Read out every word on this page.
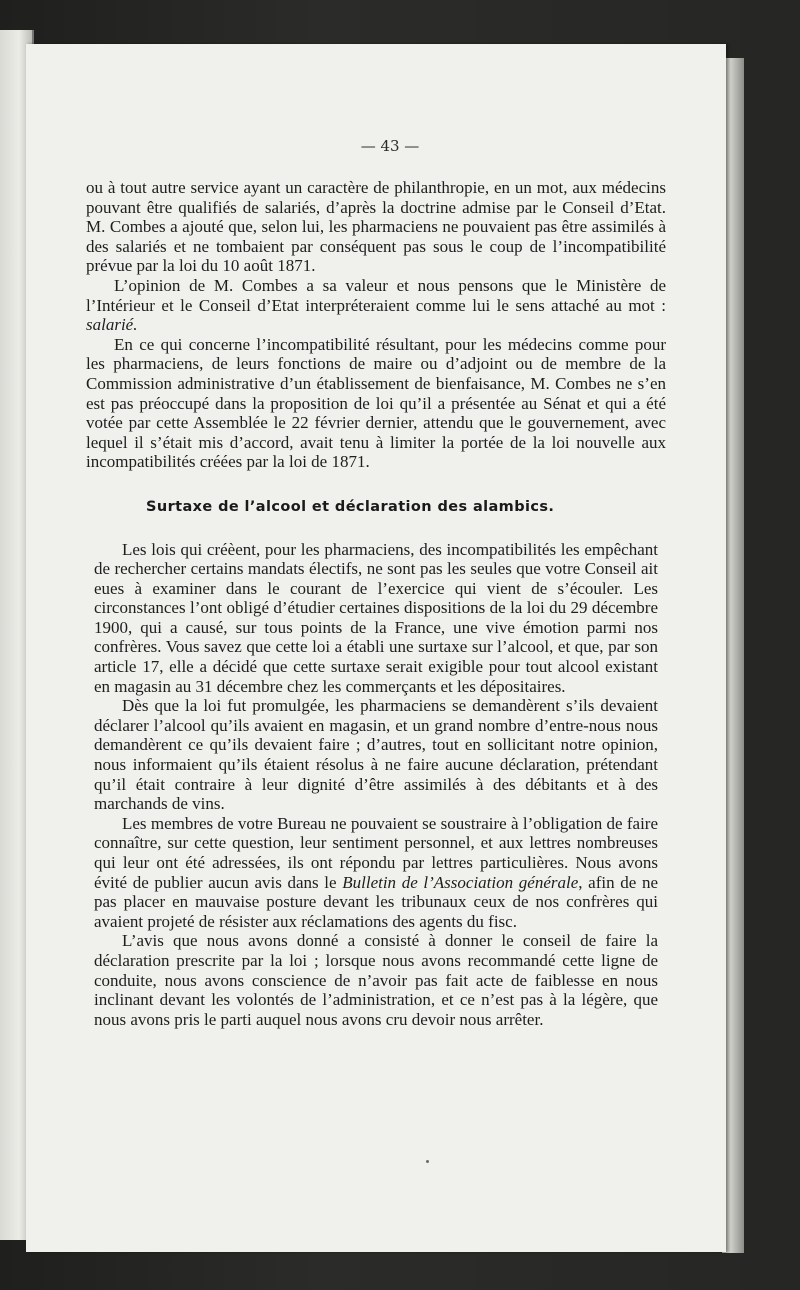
— 43 —

ou à tout autre service ayant un caractère de philanthropie, en un mot, aux médecins pouvant être qualifiés de salariés, d’après la doctrine admise par le Conseil d’Etat. M. Combes a ajouté que, selon lui, les pharmaciens ne pouvaient pas être assimilés à des salariés et ne tombaient par conséquent pas sous le coup de l’incompatibilité prévue par la loi du 10 août 1871.

L’opinion de M. Combes a sa valeur et nous pensons que le Ministère de l’Intérieur et le Conseil d’Etat interpréteraient comme lui le sens attaché au mot : salarié.

En ce qui concerne l’incompatibilité résultant, pour les médecins comme pour les pharmaciens, de leurs fonctions de maire ou d’adjoint ou de membre de la Commission administrative d’un établissement de bienfaisance, M. Combes ne s’en est pas préoccupé dans la proposition de loi qu’il a présentée au Sénat et qui a été votée par cette Assemblée le 22 février dernier, attendu que le gouvernement, avec lequel il s’était mis d’accord, avait tenu à limiter la portée de la loi nouvelle aux incompatibilités créées par la loi de 1871.

Surtaxe de l’alcool et déclaration des alambics.

Les lois qui créèent, pour les pharmaciens, des incompatibilités les empêchant de rechercher certains mandats électifs, ne sont pas les seules que votre Conseil ait eues à examiner dans le courant de l’exercice qui vient de s’écouler. Les circonstances l’ont obligé d’étudier certaines dispositions de la loi du 29 décembre 1900, qui a causé, sur tous points de la France, une vive émotion parmi nos confrères. Vous savez que cette loi a établi une surtaxe sur l’alcool, et que, par son article 17, elle a décidé que cette surtaxe serait exigible pour tout alcool existant en magasin au 31 décembre chez les commerçants et les dépositaires.

Dès que la loi fut promulgée, les pharmaciens se demandèrent s’ils devaient déclarer l’alcool qu’ils avaient en magasin, et un grand nombre d’entre-nous nous demandèrent ce qu’ils devaient faire ; d’autres, tout en sollicitant notre opinion, nous informaient qu’ils étaient résolus à ne faire aucune déclaration, prétendant qu’il était contraire à leur dignité d’être assimilés à des débitants et à des marchands de vins.

Les membres de votre Bureau ne pouvaient se soustraire à l’obligation de faire connaître, sur cette question, leur sentiment personnel, et aux lettres nombreuses qui leur ont été adressées, ils ont répondu par lettres particulières. Nous avons évité de publier aucun avis dans le Bulletin de l’Association générale, afin de ne pas placer en mauvaise posture devant les tribunaux ceux de nos confrères qui avaient projeté de résister aux réclamations des agents du fisc.

L’avis que nous avons donné a consisté à donner le conseil de faire la déclaration prescrite par la loi ; lorsque nous avons recommandé cette ligne de conduite, nous avons conscience de n’avoir pas fait acte de faiblesse en nous inclinant devant les volontés de l’administration, et ce n’est pas à la légère, que nous avons pris le parti auquel nous avons cru devoir nous arrêter.
